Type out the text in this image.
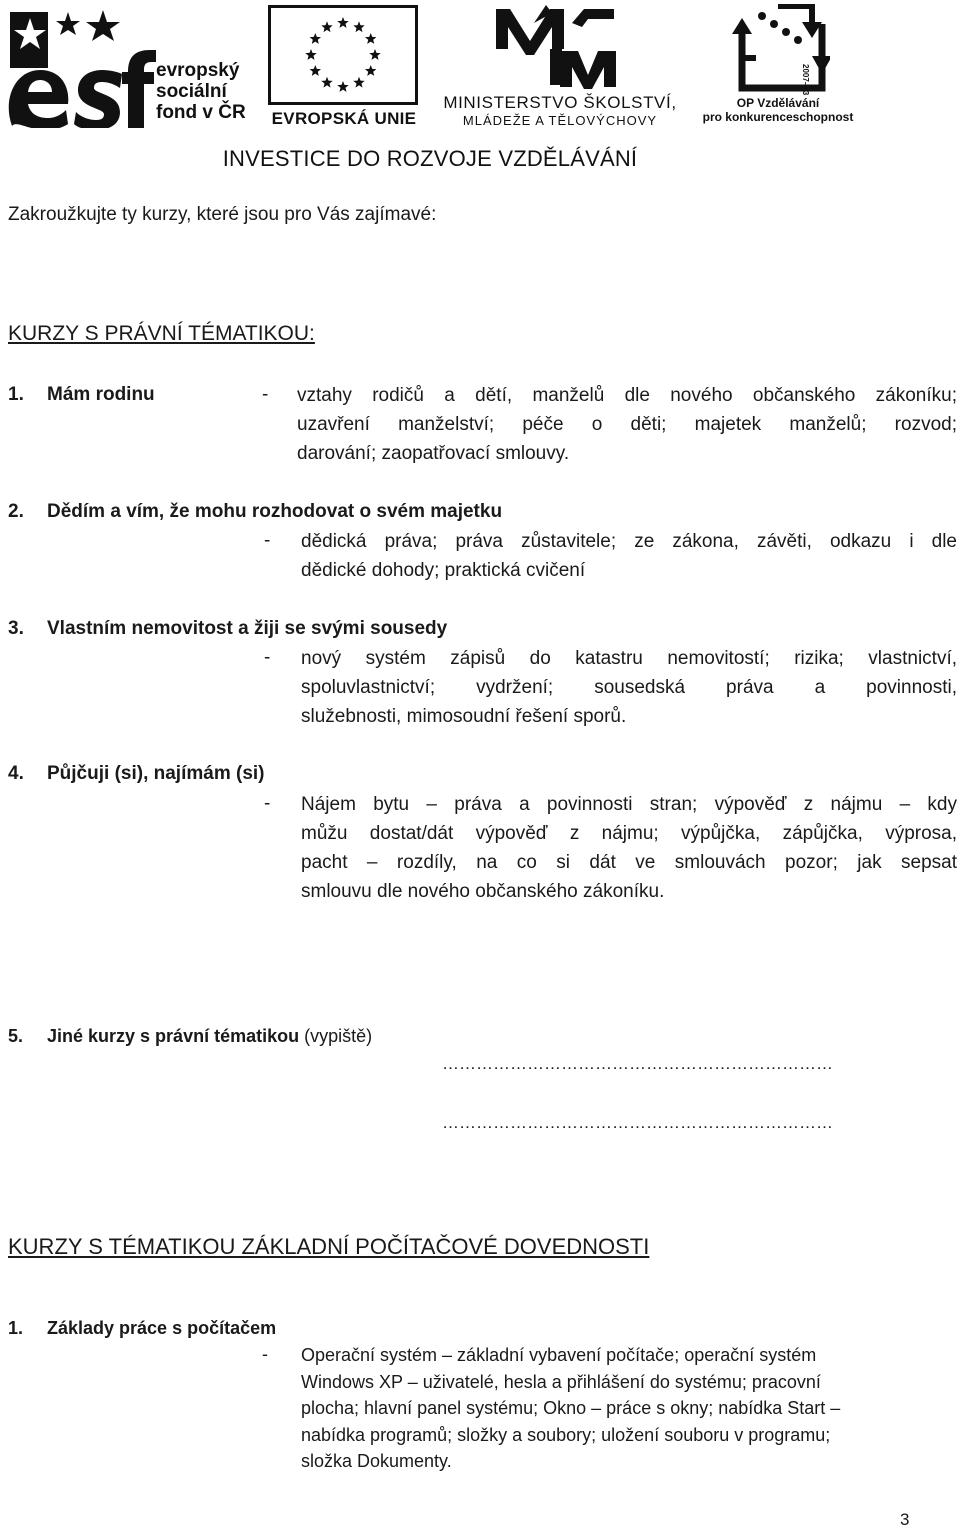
evropský
sociální
fond v ČR	EVROPSKÁ UNIE
MINISTERSTVO ŠKOLSTVÍ,
MLÁDEŽE A TĚLOVÝCHOVY
2007–13
OP Vzdělávání
pro konkurenceschopnost
INVESTICE DO ROZVOJE VZDĚLÁVÁNÍ
Zakroužkujte ty kurzy, které jsou pro Vás zajímavé:
KURZY S PRÁVNÍ TÉMATIKOU:
1. Mám rodinu	- vztahy rodičů a dětí, manželů dle nového občanského zákoníku;
uzavření manželství; péče o děti; majetek manželů; rozvod;
darování; zaopatřovací smlouvy.
2. Dědím a vím, že mohu rozhodovat o svém majetku
- dědická práva; práva zůstavitele; ze zákona, závěti, odkazu i dle
dědické dohody; praktická cvičení
3. Vlastním nemovitost a žiji se svými sousedy
- nový systém zápisů do katastru nemovitostí; rizika; vlastnictví,
spoluvlastnictví; vydržení; sousedská práva a povinnosti,
služebnosti, mimosoudní řešení sporů.
4. Půjčuji (si), najímám (si)
- Nájem bytu – práva a povinnosti stran; výpověď z nájmu – kdy
můžu dostat/dát výpověď z nájmu; výpůjčka, zápůjčka, výprosa,
pacht – rozdíly, na co si dát ve smlouvách pozor; jak sepsat
smlouvu dle nového občanského zákoníku.
5. Jiné kurzy s právní tématikou (vypiště)
……………………………………………………………
……………………………………………………………
KURZY S TÉMATIKOU ZÁKLADNÍ POČÍTAČOVÉ DOVEDNOSTI
1. Základy práce s počítačem
- Operační systém – základní vybavení počítače; operační systém
Windows XP – uživatelé, hesla a přihlášení do systému; pracovní
plocha; hlavní panel systému; Okno – práce s okny; nabídka Start –
nabídka programů; složky a soubory; uložení souboru v programu;
složka Dokumenty.
3
